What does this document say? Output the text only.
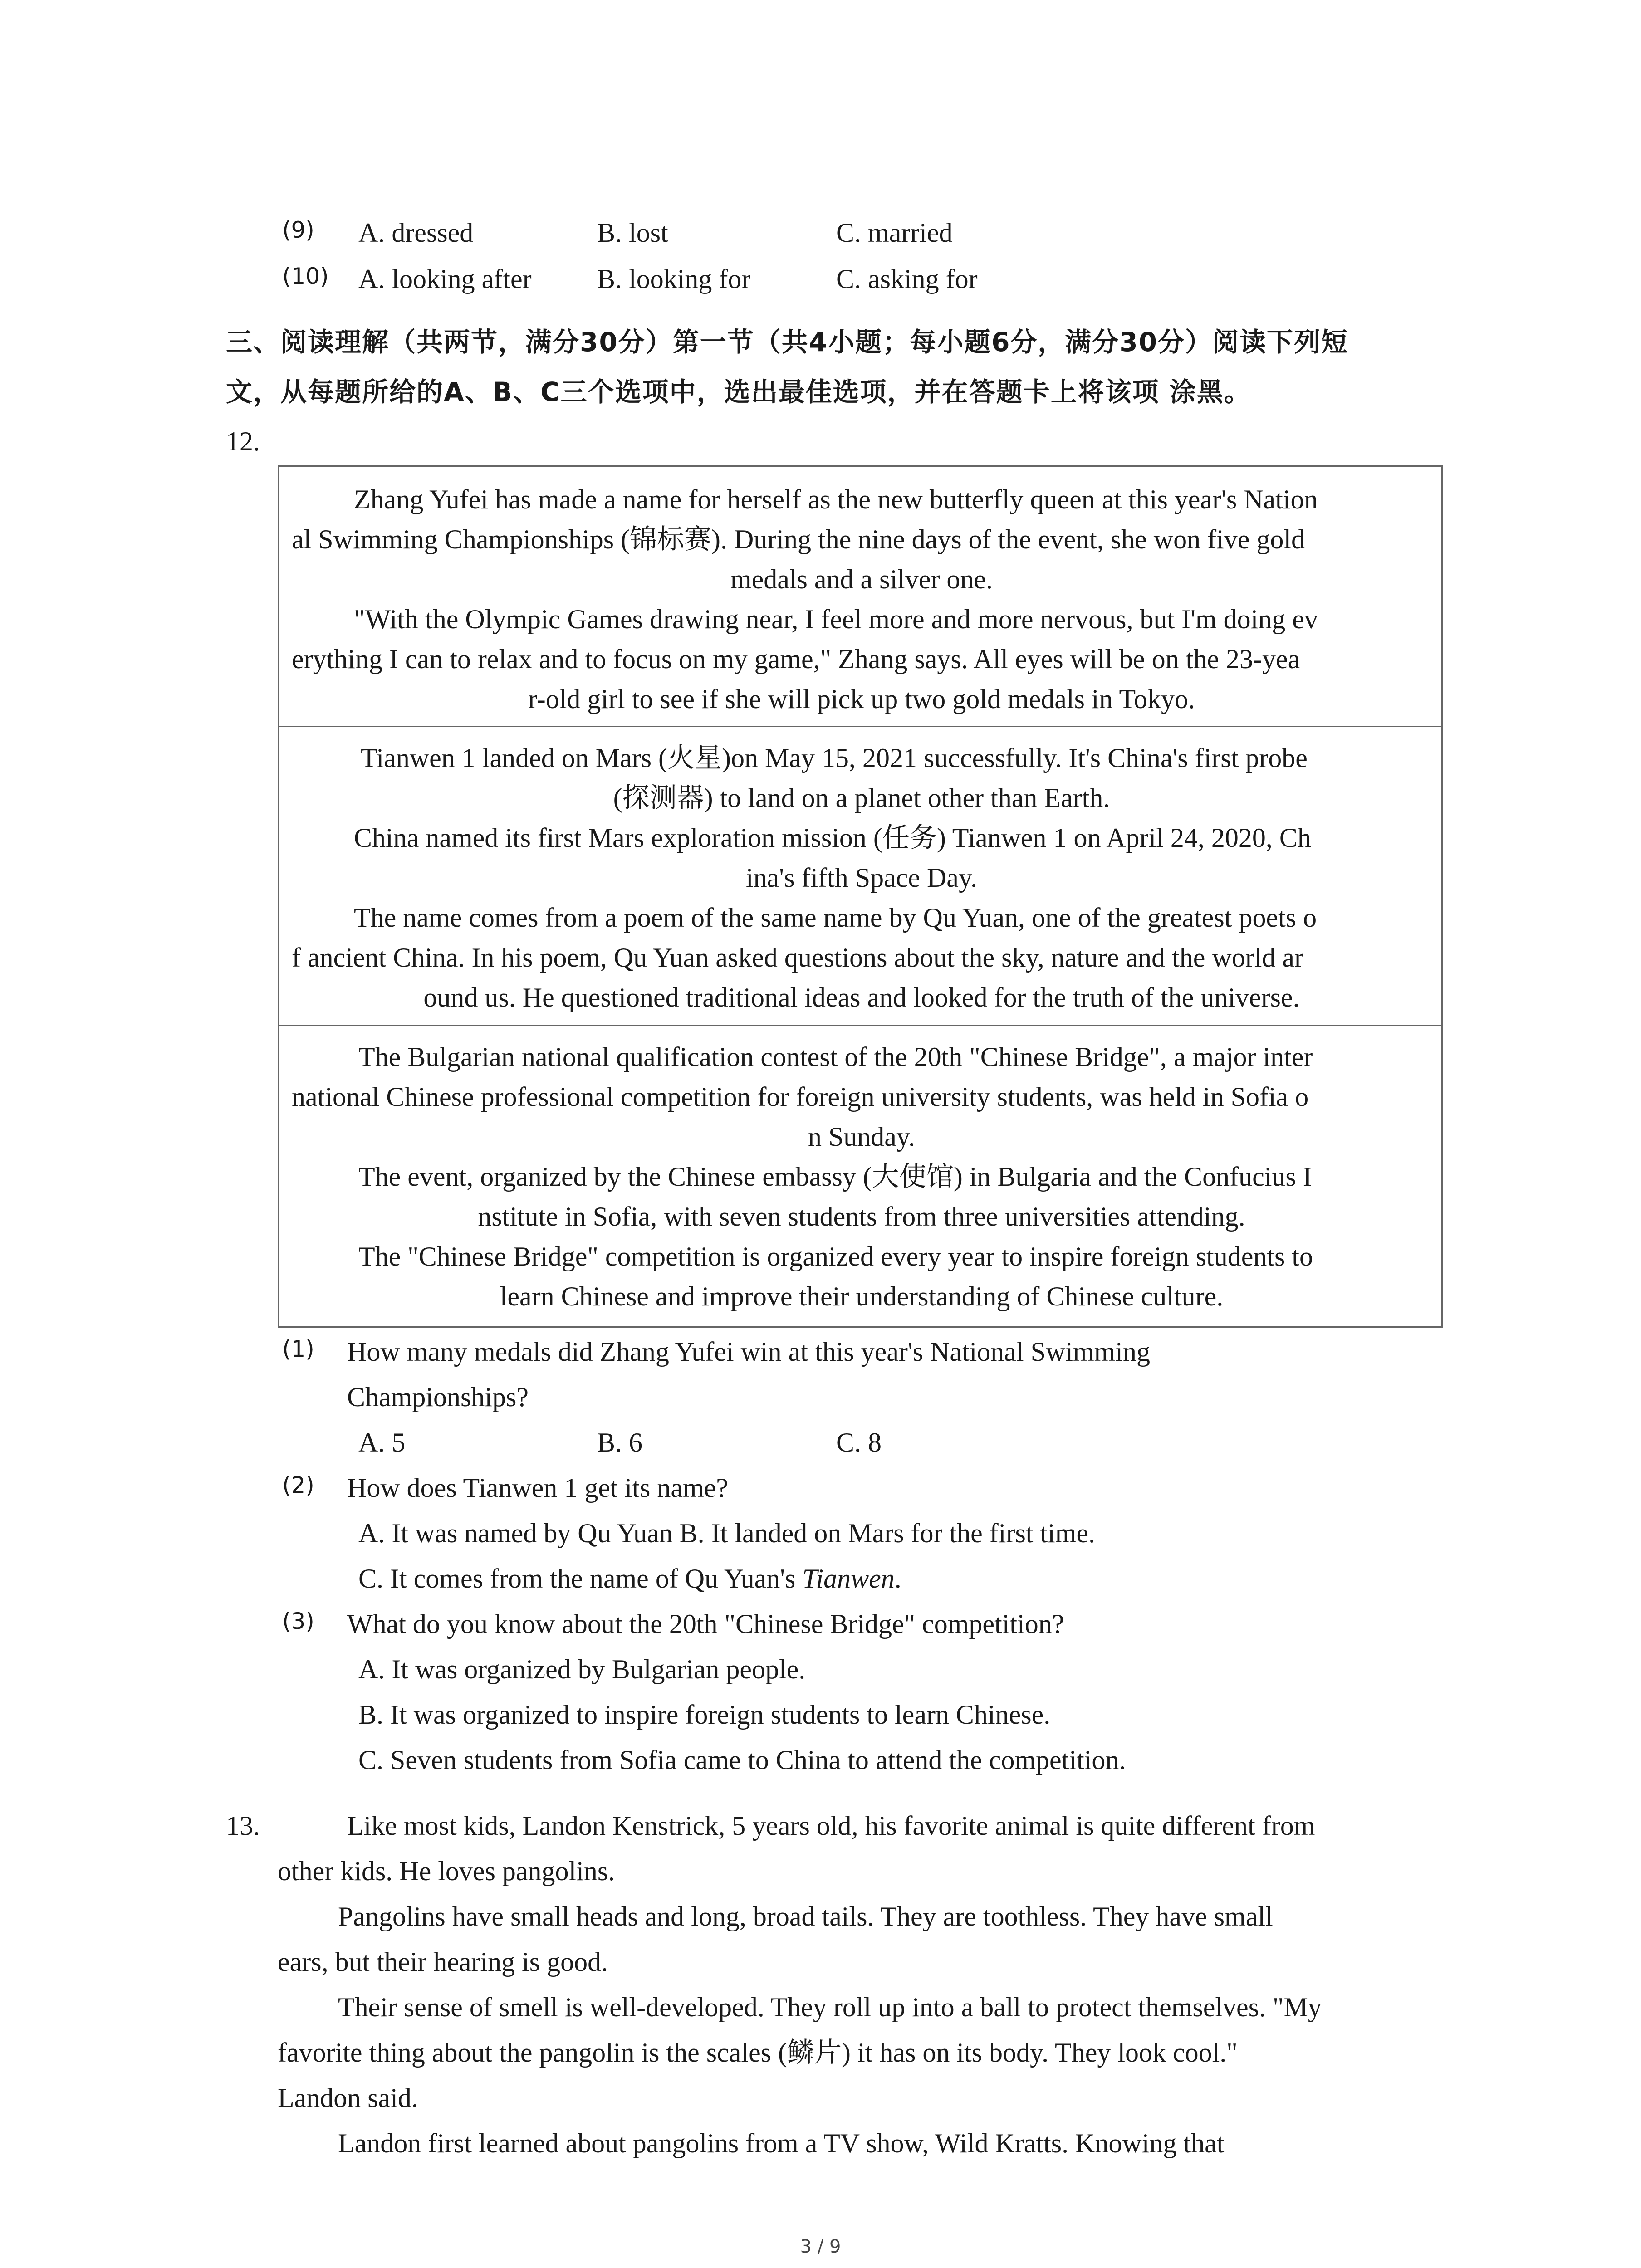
(9) A. dressed	B. lost	C. married
(10) A. looking after B. looking for	C. asking for
三、阅读理解（共两节，满分30分）第一节（共4小题；每小题6分，满分30分）阅读下列短
文，从每题所给的A、B、C三个选项中，选出最佳选项，并在答题卡上将该项 涂黑。
12.
Zhang Yufei has made a name for herself as the new butterfly queen at this year's Nation
al Swimming Championships (锦标赛). During the nine days of the event, she won five gold
medals and a silver one.
"With the Olympic Games drawing near, I feel more and more nervous, but I'm doing ev
erything I can to relax and to focus on my game," Zhang says. All eyes will be on the 23-yea
r-old girl to see if she will pick up two gold medals in Tokyo.
Tianwen 1 landed on Mars (火星)on May 15, 2021 successfully. It's China's first probe
(探测器) to land on a planet other than Earth.
China named its first Mars exploration mission (任务) Tianwen 1 on April 24, 2020, Ch
ina's fifth Space Day.
The name comes from a poem of the same name by Qu Yuan, one of the greatest poets o
f ancient China. In his poem, Qu Yuan asked questions about the sky, nature and the world ar
ound us. He questioned traditional ideas and looked for the truth of the universe.
The Bulgarian national qualification contest of the 20th "Chinese Bridge", a major inter
national Chinese professional competition for foreign university students, was held in Sofia o
n Sunday.
The event, organized by the Chinese embassy (大使馆) in Bulgaria and the Confucius I
nstitute in Sofia, with seven students from three universities attending.
The "Chinese Bridge" competition is organized every year to inspire foreign students to
learn Chinese and improve their understanding of Chinese culture.
(1) How many medals did Zhang Yufei win at this year's National Swimming
Championships?
A. 5	B. 6	C. 8
(2) How does Tianwen 1 get its name?
A. It was named by Qu Yuan B. It landed on Mars for the first time.
C. It comes from the name of Qu Yuan's Tianwen.
(3) What do you know about the 20th "Chinese Bridge" competition?
A. It was organized by Bulgarian people.
B. It was organized to inspire foreign students to learn Chinese.
C. Seven students from Sofia came to China to attend the competition.
13.	Like most kids, Landon Kenstrick, 5 years old, his favorite animal is quite different from
other kids. He loves pangolins.
Pangolins have small heads and long, broad tails. They are toothless. They have small
ears, but their hearing is good.
Their sense of smell is well-developed. They roll up into a ball to protect themselves. "My
favorite thing about the pangolin is the scales (鳞片) it has on its body. They look cool."
Landon said.
Landon first learned about pangolins from a TV show, Wild Kratts. Knowing that
3 / 9
